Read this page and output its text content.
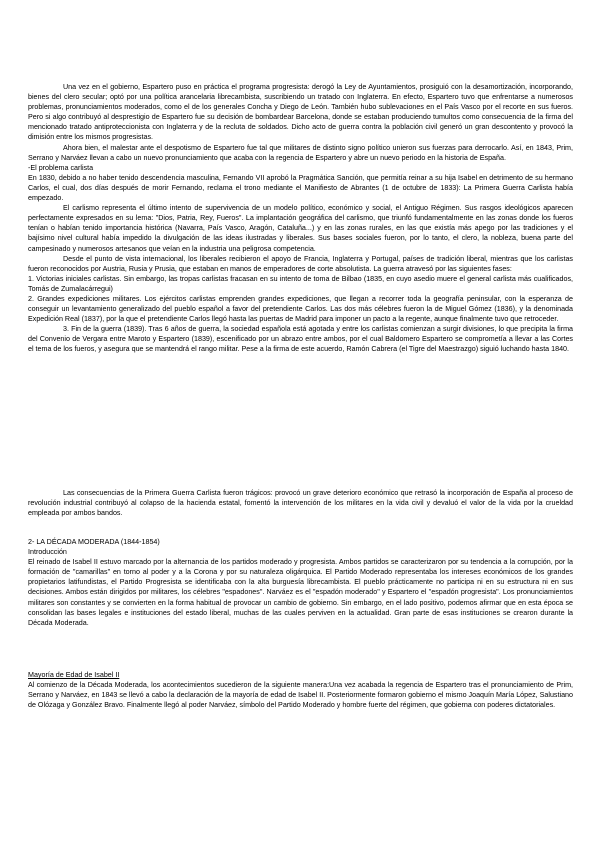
Una vez en el gobierno, Espartero puso en práctica el programa progresista: derogó la Ley de Ayuntamientos, prosiguió con la desamortización, incorporando, bienes del clero secular; optó por una política arancelaria librecambista, suscribiendo un tratado con Inglaterra. En efecto, Espartero tuvo que enfrentarse a numerosos problemas, pronunciamientos moderados, como el de los generales Concha y Diego de León. También hubo sublevaciones en el País Vasco por el recorte en sus fueros. Pero si algo contribuyó al desprestigio de Espartero fue su decisión de bombardear Barcelona, donde se estaban produciendo tumultos como consecuencia de la firma del mencionado tratado antiproteccionista con Inglaterra y de la recluta de soldados. Dicho acto de guerra contra la población civil generó un gran descontento y provocó la dimisión entre los mismos progresistas.

Ahora bien, el malestar ante el despotismo de Espartero fue tal que militares de distinto signo político unieron sus fuerzas para derrocarlo. Así, en 1843, Prim, Serrano y Narváez llevan a cabo un nuevo pronunciamiento que acaba con la regencia de Espartero y abre un nuevo periodo en la historia de España.

-El problema carlista

En 1830, debido a no haber tenido descendencia masculina, Fernando VII aprobó la Pragmática Sanción, que permitía reinar a su hija Isabel en detrimento de su hermano Carlos, el cual, dos días después de morir Fernando, reclama el trono mediante el Manifiesto de Abrantes (1 de octubre de 1833): La Primera Guerra Carlista había empezado.

El carlismo representa el último intento de supervivencia de un modelo político, económico y social, el Antiguo Régimen. Sus rasgos ideológicos aparecen perfectamente expresados en su lema: "Dios, Patria, Rey, Fueros". La implantación geográfica del carlismo, que triunfó fundamentalmente en las zonas donde los fueros tenían o habían tenido importancia histórica (Navarra, País Vasco, Aragón, Cataluña...) y en las zonas rurales, en las que existía más apego por las tradiciones y el bajísimo nivel cultural había impedido la divulgación de las ideas ilustradas y liberales. Sus bases sociales fueron, por lo tanto, el clero, la nobleza, buena parte del campesinado y numerosos artesanos que veían en la industria una peligrosa competencia.

Desde el punto de vista internacional, los liberales recibieron el apoyo de Francia, Inglaterra y Portugal, países de tradición liberal, mientras que los carlistas fueron reconocidos por Austria, Rusia y Prusia, que estaban en manos de emperadores de corte absolutista. La guerra atravesó por las siguientes fases:

1. Victorias iniciales carlistas. Sin embargo, las tropas carlistas fracasan en su intento de toma de Bilbao (1835, en cuyo asedio muere el general carlista más cualificados, Tomás de Zumalacárregui)

2. Grandes expediciones militares. Los ejércitos carlistas emprenden grandes expediciones, que llegan a recorrer toda la geografía peninsular, con la esperanza de conseguir un levantamiento generalizado del pueblo español a favor del pretendiente Carlos. Las dos más célebres fueron la de Miguel Gómez (1836), y la denominada Expedición Real (1837), por la que el pretendiente Carlos llegó hasta las puertas de Madrid para imponer un pacto a la regente, aunque finalmente tuvo que retroceder.

3. Fin de la guerra (1839). Tras 6 años de guerra, la sociedad española está agotada y entre los carlistas comienzan a surgir divisiones, lo que precipita la firma del Convenio de Vergara entre Maroto y Espartero (1839), escenificado por un abrazo entre ambos, por el cual Baldomero Espartero se comprometía a llevar a las Cortes el tema de los fueros, y asegura que se mantendrá el rango militar. Pese a la firma de este acuerdo, Ramón Cabrera (el Tigre del Maestrazgo) siguió luchando hasta 1840.

Las consecuencias de la Primera Guerra Carlista fueron trágicos: provocó un grave deterioro económico que retrasó la incorporación de España al proceso de revolución industrial contribuyó al colapso de la hacienda estatal, fomentó la intervención de los militares en la vida civil y devaluó el valor de la vida por la crueldad empleada por ambos bandos.

2- LA DÉCADA MODERADA (1844-1854)

Introducción

El reinado de Isabel II estuvo marcado por la alternancia de los partidos moderado y progresista. Ambos partidos se caracterizaron por su tendencia a la corrupción, por la formación de "camarillas" en torno al poder y a la Corona y por su naturaleza oligárquica. El Partido Moderado representaba los intereses económicos de los grandes propietarios latifundistas, el Partido Progresista se identificaba con la alta burguesía librecambista. El pueblo prácticamente no participa ni en su estructura ni en sus decisiones. Ambos están dirigidos por militares, los célebres "espadones". Narváez es el "espadón moderado" y Espartero el "espadón progresista". Los pronunciamientos militares son constantes y se convierten en la forma habitual de provocar un cambio de gobierno. Sin embargo, en el lado positivo, podemos afirmar que en esta época se consolidan las bases legales e instituciones del estado liberal, muchas de las cuales perviven en la actualidad. Gran parte de esas instituciones se crearon durante la Década Moderada.

Mayoría de Edad de Isabel II

Al comienzo de la Década Moderada, los acontecimientos sucedieron de la siguiente manera:Una vez acabada la regencia de Espartero tras el pronunciamiento de Prim, Serrano y Narváez, en 1843 se llevó a cabo la declaración de la mayoría de edad de Isabel II. Posteriormente formaron gobierno el mismo Joaquín María López, Salustiano de Olózaga y González Bravo. Finalmente llegó al poder Narváez, símbolo del Partido Moderado y hombre fuerte del régimen, que gobierna con poderes dictatoriales.
